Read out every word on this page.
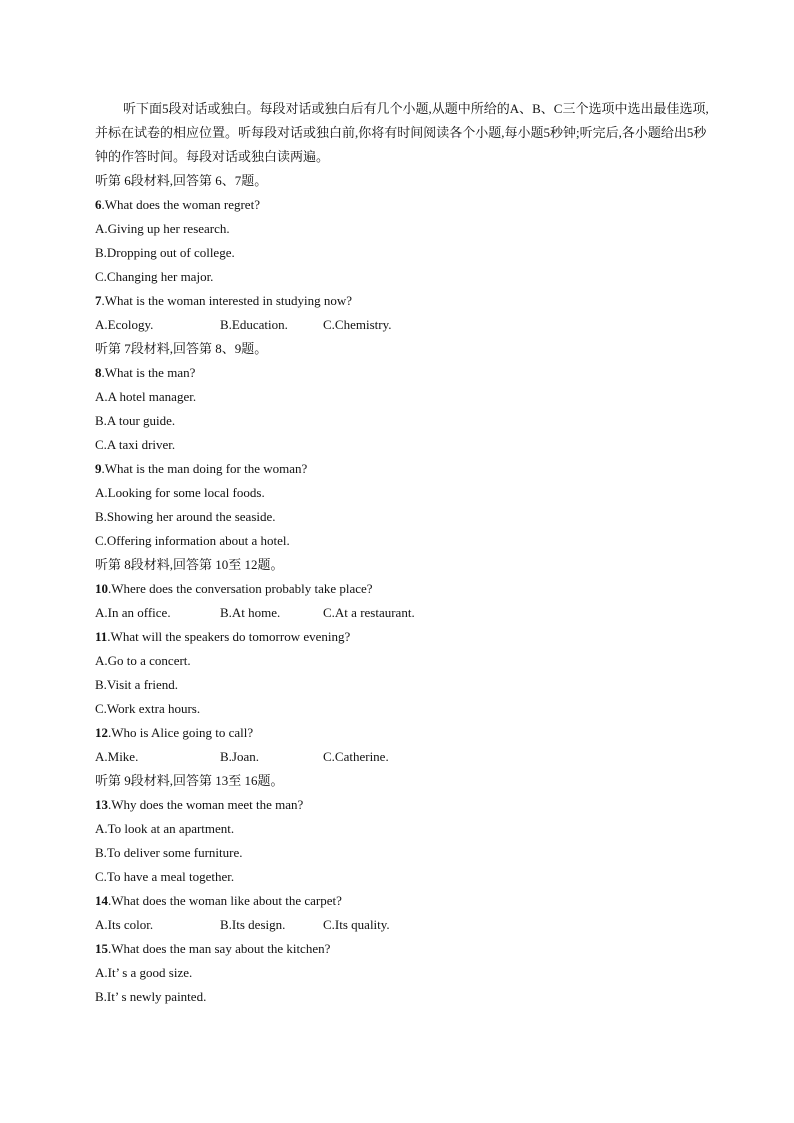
听下面5段对话或独白。每段对话或独白后有几个小题,从题中所给的A、B、C三个选项中选出最佳选项,并标在试卷的相应位置。听每段对话或独白前,你将有时间阅读各个小题,每小题5秒钟;听完后,各小题给出5秒钟的作答时间。每段对话或独白读两遍。

听第 6段材料,回答第 6、7题。
6.What does the woman regret?
A.Giving up her research.
B.Dropping out of college.
C.Changing her major.
7.What is the woman interested in studying now?
A.Ecology.	B.Education.	C.Chemistry.
听第 7段材料,回答第 8、9题。
8.What is the man?
A.A hotel manager.
B.A tour guide.
C.A taxi driver.
9.What is the man doing for the woman?
A.Looking for some local foods.
B.Showing her around the seaside.
C.Offering information about a hotel.
听第 8段材料,回答第 10至 12题。
10.Where does the conversation probably take place?
A.In an office.	B.At home.	C.At a restaurant.
11.What will the speakers do tomorrow evening?
A.Go to a concert.
B.Visit a friend.
C.Work extra hours.
12.Who is Alice going to call?
A.Mike.	B.Joan.	C.Catherine.
听第 9段材料,回答第 13至 16题。
13.Why does the woman meet the man?
A.To look at an apartment.
B.To deliver some furniture.
C.To have a meal together.
14.What does the woman like about the carpet?
A.Its color.	B.Its design.	C.Its quality.
15.What does the man say about the kitchen?
A.It’ s a good size.
B.It’ s newly painted.
